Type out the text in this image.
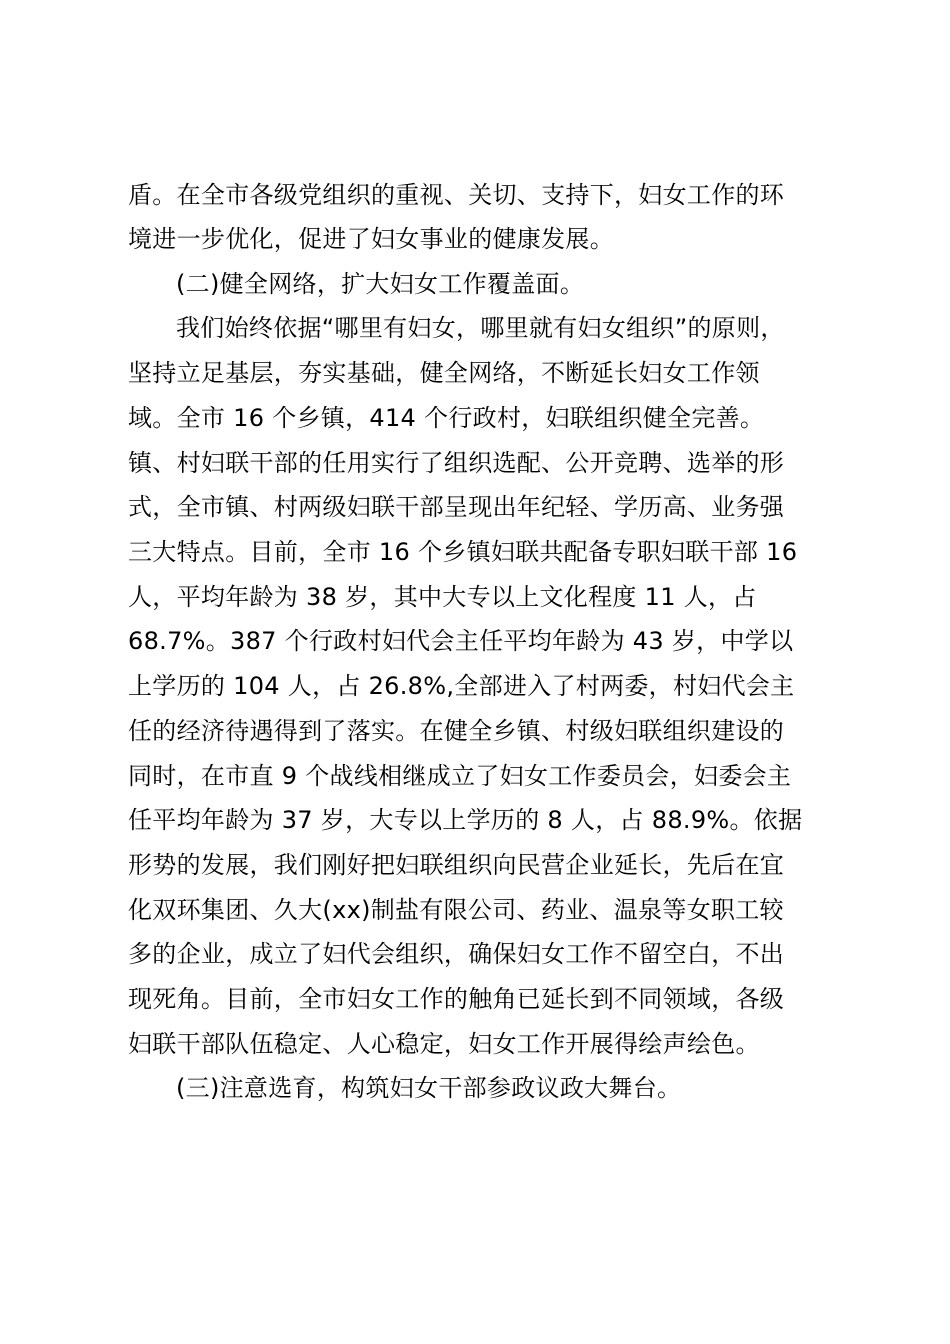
盾。在全市各级党组织的重视、关切、支持下，妇女工作的环
境进一步优化，促进了妇女事业的健康发展。
(二)健全网络，扩大妇女工作覆盖面。
我们始终依据“哪里有妇女，哪里就有妇女组织”的原则，
坚持立足基层，夯实基础，健全网络，不断延长妇女工作领
域。全市 16 个乡镇，414 个行政村，妇联组织健全完善。
镇、村妇联干部的任用实行了组织选配、公开竞聘、选举的形
式，全市镇、村两级妇联干部呈现出年纪轻、学历高、业务强
三大特点。目前，全市 16 个乡镇妇联共配备专职妇联干部 16
人，平均年龄为 38 岁，其中大专以上文化程度 11 人，占
68.7%。387 个行政村妇代会主任平均年龄为 43 岁，中学以
上学历的 104 人，占 26.8%,全部进入了村两委，村妇代会主
任的经济待遇得到了落实。在健全乡镇、村级妇联组织建设的
同时，在市直 9 个战线相继成立了妇女工作委员会，妇委会主
任平均年龄为 37 岁，大专以上学历的 8 人，占 88.9%。依据
形势的发展，我们刚好把妇联组织向民营企业延长，先后在宜
化双环集团、久大(xx)制盐有限公司、药业、温泉等女职工较
多的企业，成立了妇代会组织，确保妇女工作不留空白，不出
现死角。目前，全市妇女工作的触角已延长到不同领域，各级
妇联干部队伍稳定、人心稳定，妇女工作开展得绘声绘色。
(三)注意选育，构筑妇女干部参政议政大舞台。
